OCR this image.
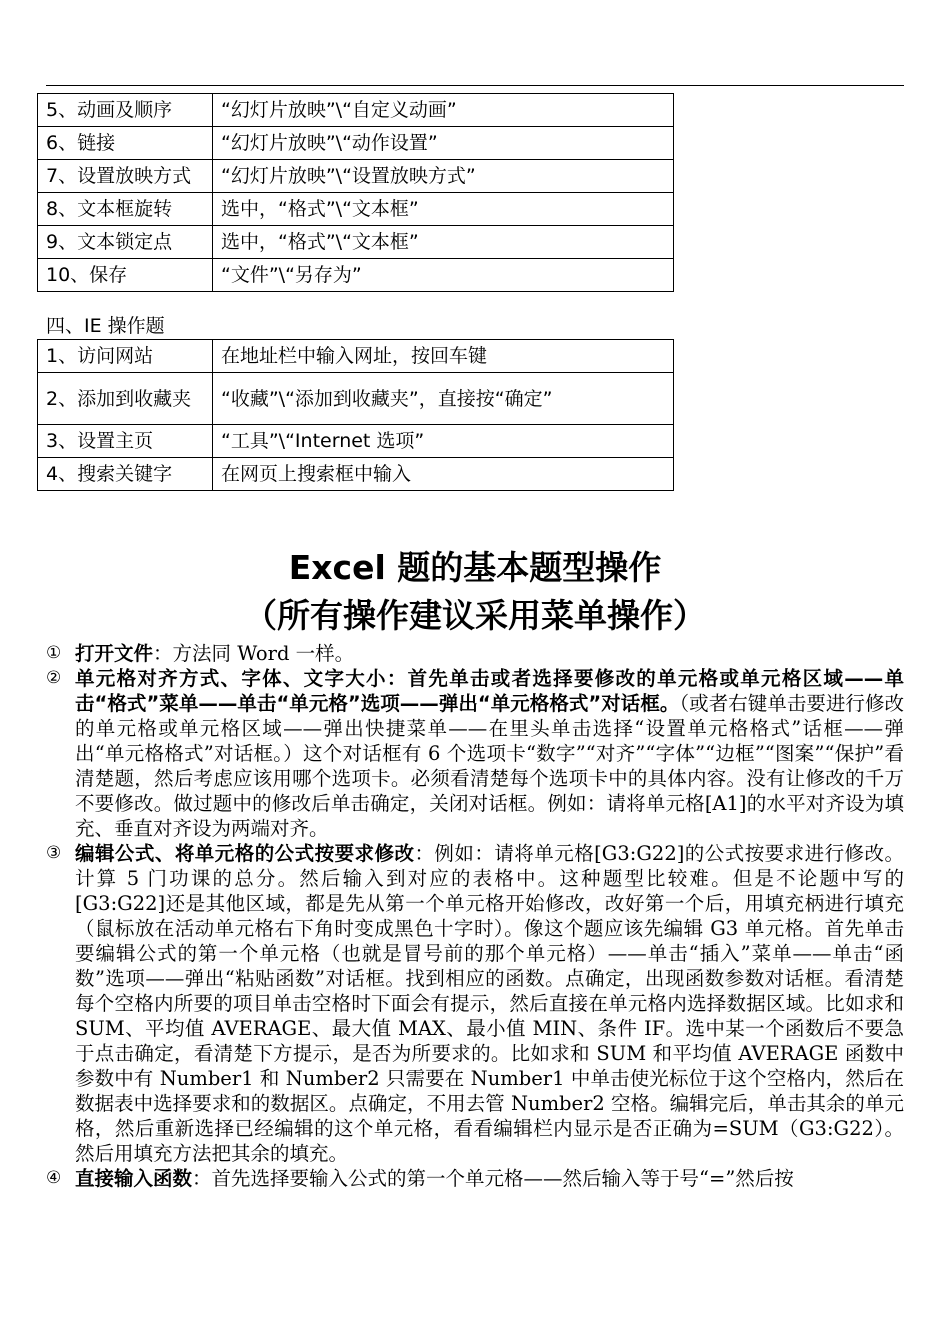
5、动画及顺序	“幻灯片放映”\“自定义动画”
6、链接	“幻灯片放映”\“动作设置”
7、设置放映方式	“幻灯片放映”\“设置放映方式”
8、文本框旋转	选中，“格式”\“文本框”
9、文本锁定点	选中，“格式”\“文本框”
10、保存	“文件”\“另存为”
四、IE 操作题
1、访问网站	在地址栏中输入网址，按回车键
2、添加到收藏夹	“收藏”\“添加到收藏夹”，直接按“确定”
3、设置主页	“工具”\“Internet 选项”
4、搜索关键字	在网页上搜索框中输入
Excel 题的基本题型操作
（所有操作建议采用菜单操作）

① 打开文件：方法同 Word 一样。

② 单元格对齐方式、字体、文字大小：首先单击或者选择要修改的单元格或单元格区域——单击“格式”菜单——单击“单元格”选项——弹出“单元格格式”对话框。（或者右键单击要进行修改的单元格或单元格区域——弹出快捷菜单——在里头单击选择“设置单元格格式”话框——弹出“单元格格式”对话框。）这个对话框有 6 个选项卡“数字”“对齐”“字体”“边框”“图案”“保护”看清楚题，然后考虑应该用哪个选项卡。必须看清楚每个选项卡中的具体内容。没有让修改的千万不要修改。做过题中的修改后单击确定，关闭对话框。例如：请将单元格[A1]的水平对齐设为填充、垂直对齐设为两端对齐。

③ 编辑公式、将单元格的公式按要求修改：例如：请将单元格[G3:G22]的公式按要求进行修改。计算 5 门功课的总分。然后输入到对应的表格中。这种题型比较难。但是不论题中写的[G3:G22]还是其他区域，都是先从第一个单元格开始修改，改好第一个后，用填充柄进行填充（鼠标放在活动单元格右下角时变成黑色十字时）。像这个题应该先编辑 G3 单元格。首先单击要编辑公式的第一个单元格（也就是冒号前的那个单元格）——单击“插入”菜单——单击“函数”选项——弹出“粘贴函数”对话框。找到相应的函数。点确定，出现函数参数对话框。看清楚每个空格内所要的项目单击空格时下面会有提示，然后直接在单元格内选择数据区域。比如求和 SUM、平均值 AVERAGE、最大值 MAX、最小值 MIN、条件 IF。选中某一个函数后不要急于点击确定，看清楚下方提示，是否为所要求的。比如求和 SUM 和平均值 AVERAGE 函数中参数中有 Number1 和 Number2 只需要在 Number1 中单击使光标位于这个空格内，然后在数据表中选择要求和的数据区。点确定，不用去管 Number2 空格。编辑完后，单击其余的单元格，然后重新选择已经编辑的这个单元格，看看编辑栏内显示是否正确为=SUM（G3:G22）。然后用填充方法把其余的填充。

④ 直接输入函数：首先选择要输入公式的第一个单元格——然后输入等于号“=”然后按
